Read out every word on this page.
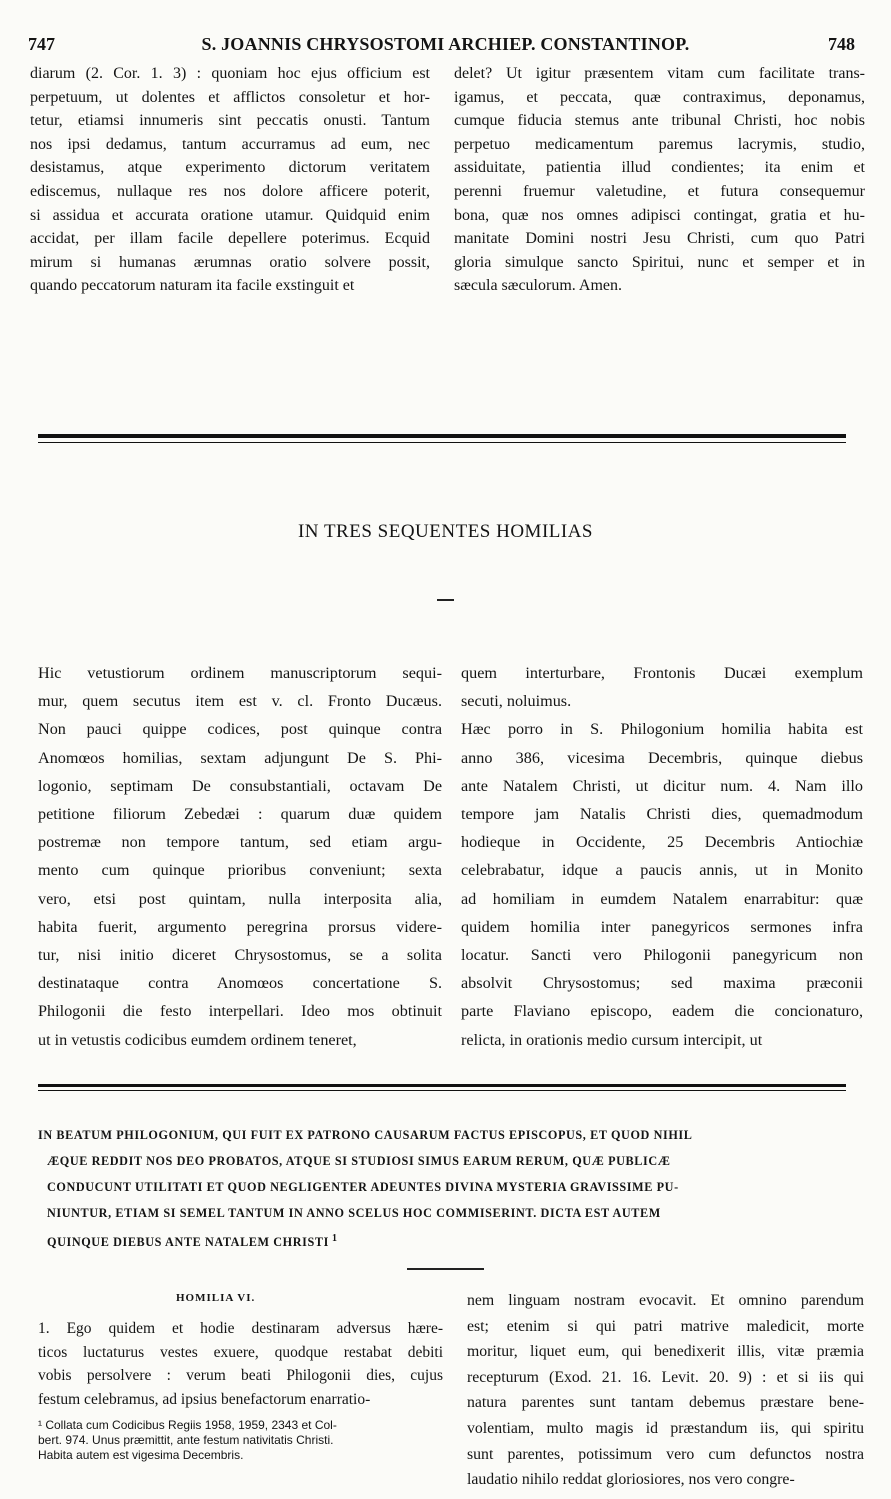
747	S. JOANNIS CHRYSOSTOMI ARCHIEP. CONSTANTINOP.	748
diarum (2. Cor. 1. 3) : quoniam hoc ejus officium est
perpetuum, ut dolentes et afflictos consoletur et hor-
tetur, etiamsi innumeris sint peccatis onusti. Tantum
nos ipsi dedamus, tantum accurramus ad eum, nec
desistamus, atque experimento dictorum veritatem
ediscemus, nullaque res nos dolore afficere poterit,
si assidua et accurata oratione utamur. Quidquid enim
accidat, per illam facile depellere poterimus. Ecquid
mirum si humanas ærumnas oratio solvere possit,
quando peccatorum naturam ita facile exstinguit et
delet? Ut igitur præsentem vitam cum facilitate trans-
igamus, et peccata, quæ contraximus, deponamus,
cumque fiducia stemus ante tribunal Christi, hoc nobis
perpetuo medicamentum paremus lacrymis, studio,
assiduitate, patientia illud condientes; ita enim et
perenni fruemur valetudine, et futura consequemur
bona, quæ nos omnes adipisci contingat, gratia et hu-
manitate Domini nostri Jesu Christi, cum quo Patri
gloria simulque sancto Spiritui, nunc et semper et in
sæcula sæculorum. Amen.
IN TRES SEQUENTES HOMILIAS
Hic vetustiorum ordinem manuscriptorum sequi-
mur, quem secutus item est v. cl. Fronto Ducæus.
Non pauci quippe codices, post quinque contra
Anomœos homilias, sextam adjungunt De S. Phi-
logonio, septimam De consubstantiali, octavam De
petitione filiorum Zebedæi : quarum duæ quidem
postremæ non tempore tantum, sed etiam argu-
mento cum quinque prioribus conveniunt; sexta
vero, etsi post quintam, nulla interposita alia,
habita fuerit, argumento peregrina prorsus videre-
tur, nisi initio diceret Chrysostomus, se a solita
destinataque contra Anomœos concertatione S.
Philogonii die festo interpellari. Ideo mos obtinuit
ut in vetustis codicibus eumdem ordinem teneret,
quem interturbare, Frontonis Ducæi exemplum
secuti, noluimus.
Hæc porro in S. Philogonium homilia habita est
anno 386, vicesima Decembris, quinque diebus
ante Natalem Christi, ut dicitur num. 4. Nam illo
tempore jam Natalis Christi dies, quemadmodum
hodieque in Occidente, 25 Decembris Antiochiæ
celebrabatur, idque a paucis annis, ut in Monito
ad homiliam in eumdem Natalem enarrabitur: quæ
quidem homilia inter panegyricos sermones infra
locatur. Sancti vero Philogonii panegyricum non
absolvit Chrysostomus; sed maxima præconii
parte Flaviano episcopo, eadem die concionaturo,
relicta, in orationis medio cursum intercipit, ut
IN BEATUM PHILOGONIUM, QUI FUIT EX PATRONO CAUSARUM FACTUS EPISCOPUS, ET QUOD NIHIL
ÆQUE REDDIT NOS DEO PROBATOS, ATQUE SI STUDIOSI SIMUS EARUM RERUM, QUÆ PUBLICÆ
CONDUCUNT UTILITATI ET QUOD NEGLIGENTER ADEUNTES DIVINA MYSTERIA GRAVISSIME PU-
NIUNTUR, ETIAM SI SEMEL TANTUM IN ANNO SCELUS HOC COMMISERINT. DICTA EST AUTEM
QUINQUE DIEBUS ANTE NATALEM CHRISTI $^1$
HOMILIA VI.
1. Ego quidem et hodie destinaram adversus hære-
ticos luctaturus vestes exuere, quodque restabat debiti
vobis persolvere : verum beati Philogonii dies, cujus
festum celebramus, ad ipsius benefactorum enarratio-
¹ Collata cum Codicibus Regiis 1958, 1959, 2343 et Col-
bert. 974. Unus præmittit, ante festum nativitatis Christi.
Habita autem est vigesima Decembris.
nem linguam nostram evocavit. Et omnino parendum
est; etenim si qui patri matrive maledicit, morte
moritur, liquet eum, qui benedixerit illis, vitæ præmia
recepturum (Exod. 21. 16. Levit. 20. 9) : et si iis qui
natura parentes sunt tantam debemus præstare bene-
volentiam, multo magis id præstandum iis, qui spiritu
sunt parentes, potissimum vero cum defunctos nostra
laudatio nihilo reddat gloriosiores, nos vero congre-
